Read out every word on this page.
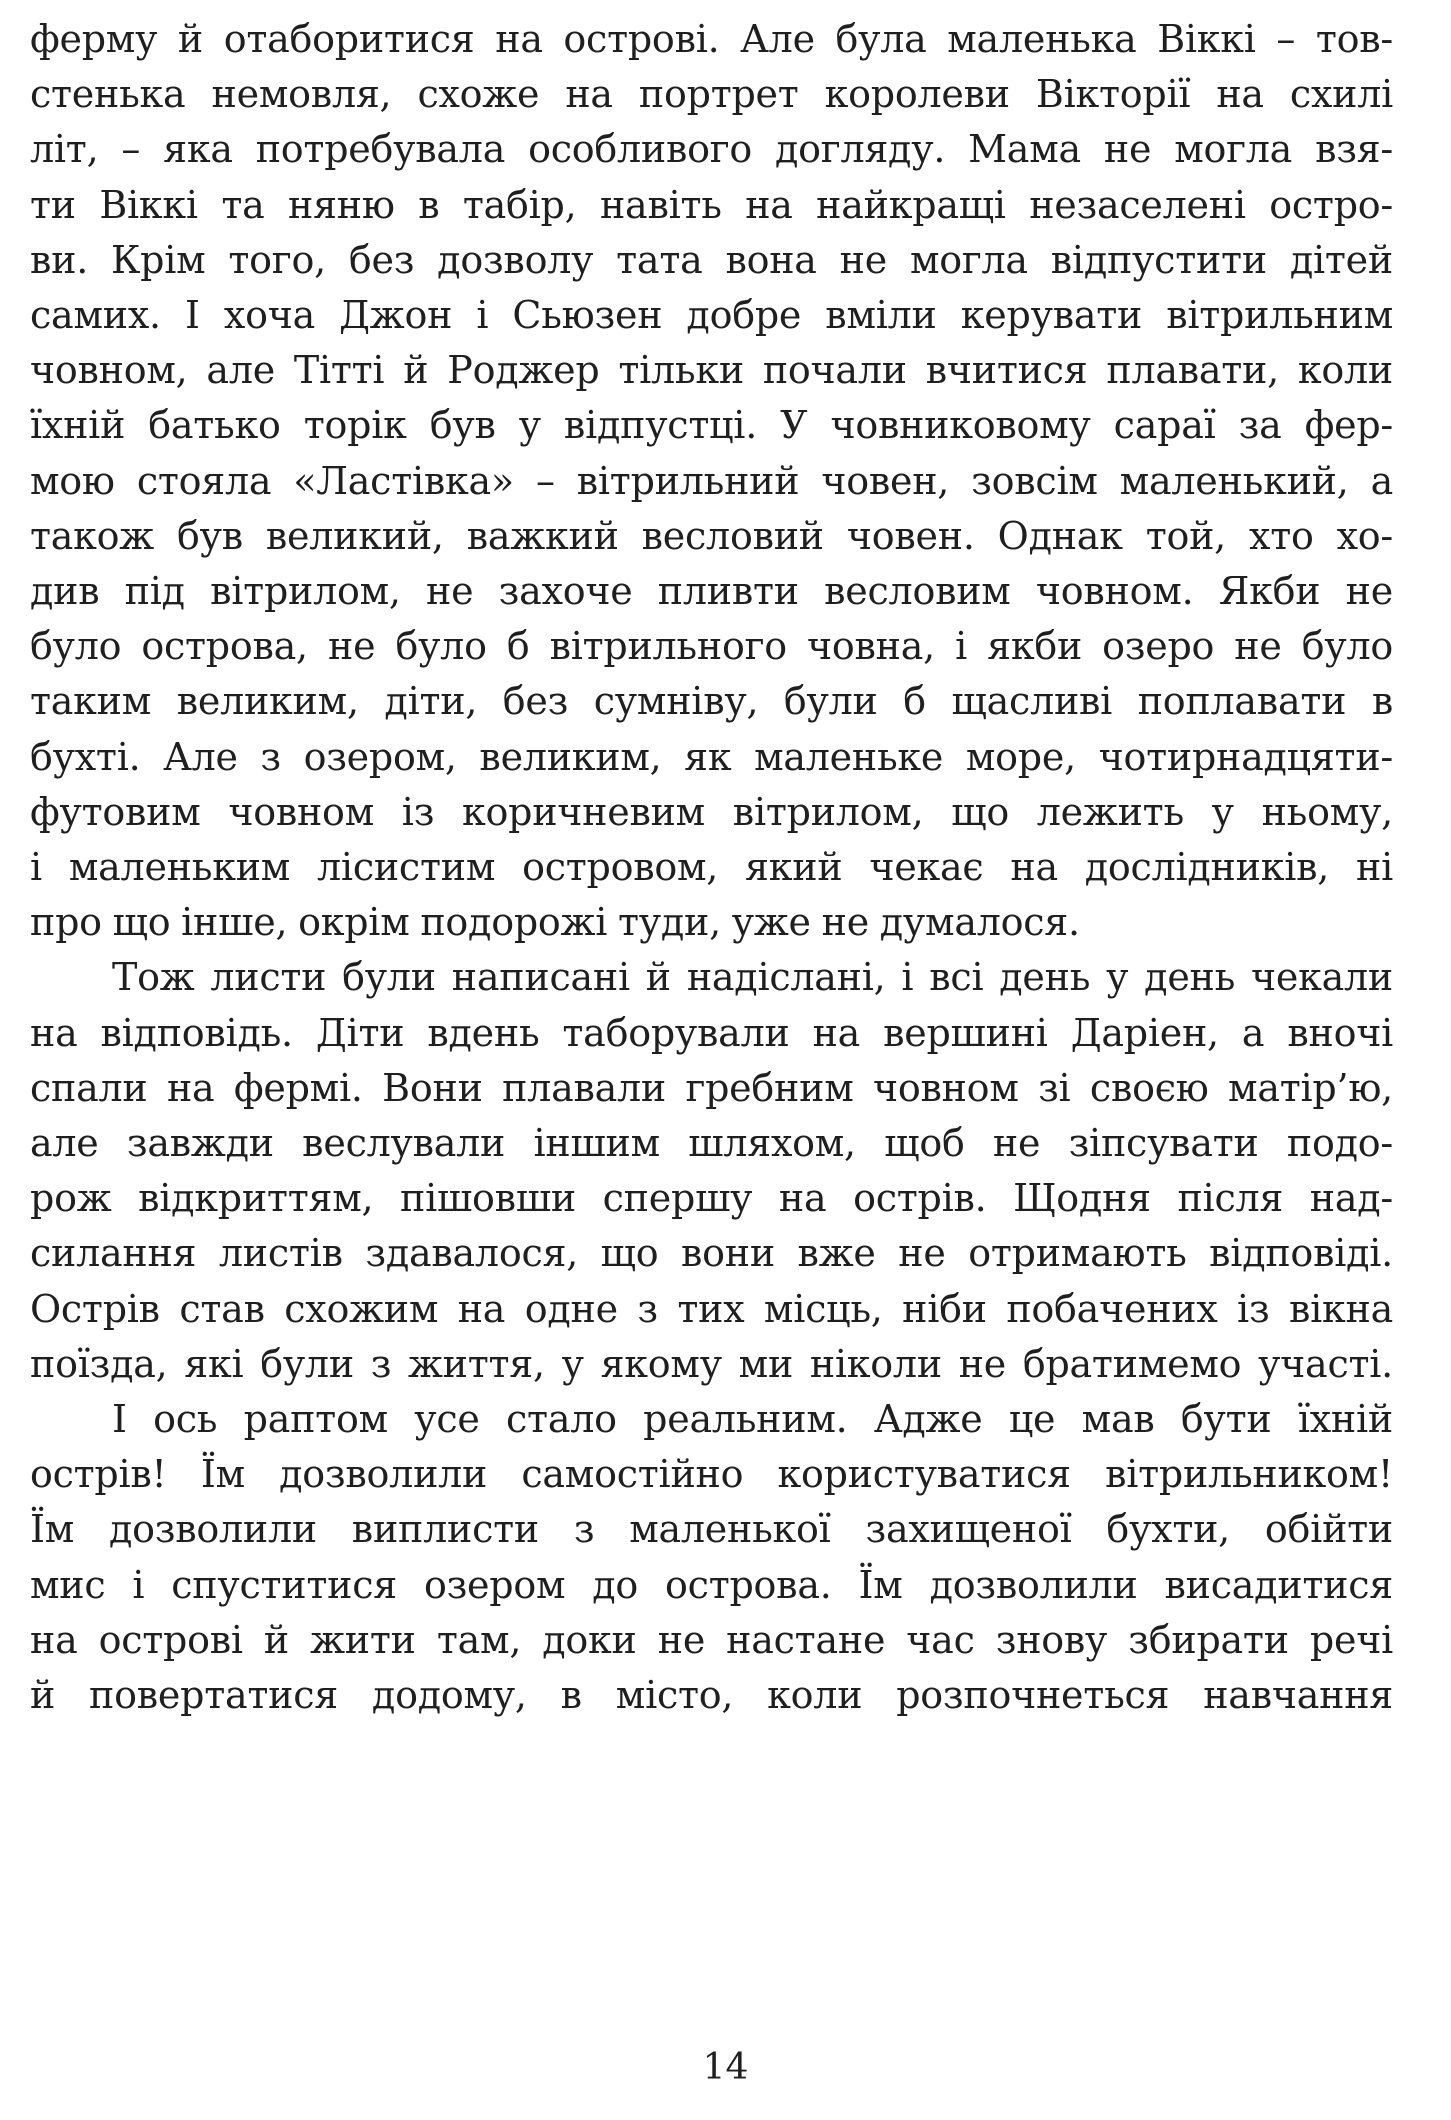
ферму й отаборитися на острові. Але була маленька Віккі – тов-
стенька немовля, схоже на портрет королеви Вікторії на схилі
літ, – яка потребувала особливого догляду. Мама не могла взя-
ти Віккі та няню в табір, навіть на найкращі незаселені остро-
ви. Крім того, без дозволу тата вона не могла відпустити дітей
самих. І хоча Джон і Сьюзен добре вміли керувати вітрильним
човном, але Тітті й Роджер тільки почали вчитися плавати, коли
їхній батько торік був у відпустці. У човниковому сараї за фер-
мою стояла «Ластівка» – вітрильний човен, зовсім маленький, а
також був великий, важкий весловий човен. Однак той, хто хо-
див під вітрилом, не захоче пливти весловим човном. Якби не
було острова, не було б вітрильного човна, і якби озеро не було
таким великим, діти, без сумніву, були б щасливі поплавати в
бухті. Але з озером, великим, як маленьке море, чотирнадцяти-
футовим човном із коричневим вітрилом, що лежить у ньому,
і маленьким лісистим островом, який чекає на дослідників, ні
про що інше, окрім подорожі туди, уже не думалося.

Тож листи були написані й надіслані, і всі день у день чекали
на відповідь. Діти вдень таборували на вершині Даріен, а вночі
спали на фермі. Вони плавали гребним човном зі своєю матір’ю,
але завжди веслували іншим шляхом, щоб не зіпсувати подо-
рож відкриттям, пішовши спершу на острів. Щодня після над-
силання листів здавалося, що вони вже не отримають відповіді.
Острів став схожим на одне з тих місць, ніби побачених із вікна
поїзда, які були з життя, у якому ми ніколи не братимемо участі.

І ось раптом усе стало реальним. Адже це мав бути їхній
острів! Їм дозволили самостійно користуватися вітрильником!
Їм дозволили виплисти з маленької захищеної бухти, обійти
мис і спуститися озером до острова. Їм дозволили висадитися
на острові й жити там, доки не настане час знову збирати речі
й повертатися додому, в місто, коли розпочнеться навчання

14
